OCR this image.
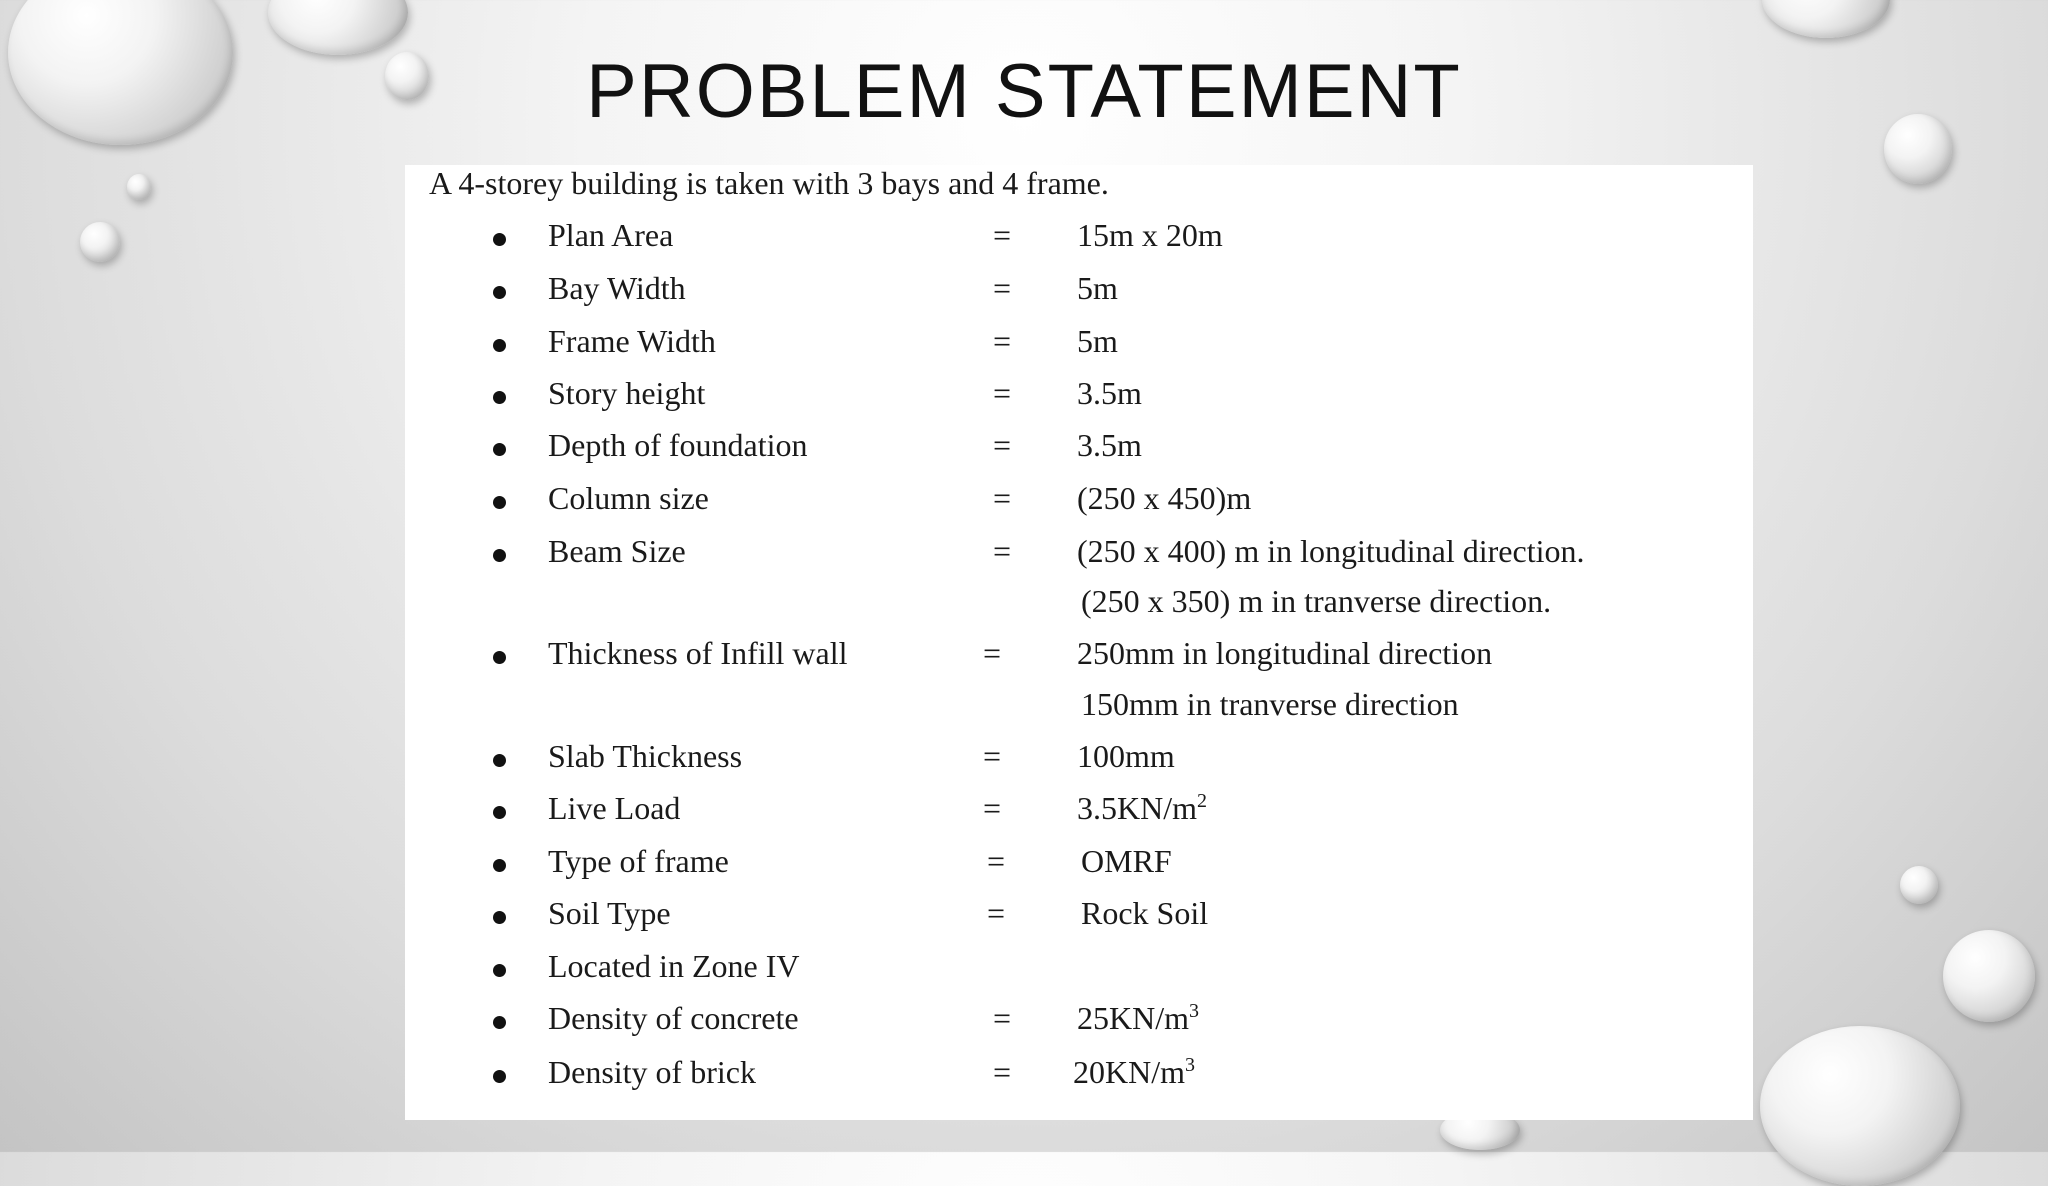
PROBLEM STATEMENT
A 4-storey building is taken with 3 bays and 4 frame.
Plan Area	= 15m x 20m
Bay Width	= 5m
Frame Width	= 5m
Story height	= 3.5m
Depth of foundation	= 3.5m
Column size	= (250 x 450)m
Beam Size	= (250 x 400) m in longitudinal direction.
(250 x 350) m in tranverse direction.
Thickness of Infill wall	= 250mm in longitudinal direction
150mm in tranverse direction
Slab Thickness	= 100mm
Live Load	= $3.5KN/m^2$
Type of frame	= OMRF
Soil Type	= Rock Soil
Located in Zone IV
Density of concrete	= $25KN/m^3$
Density of brick	= $20KN/m^3$
